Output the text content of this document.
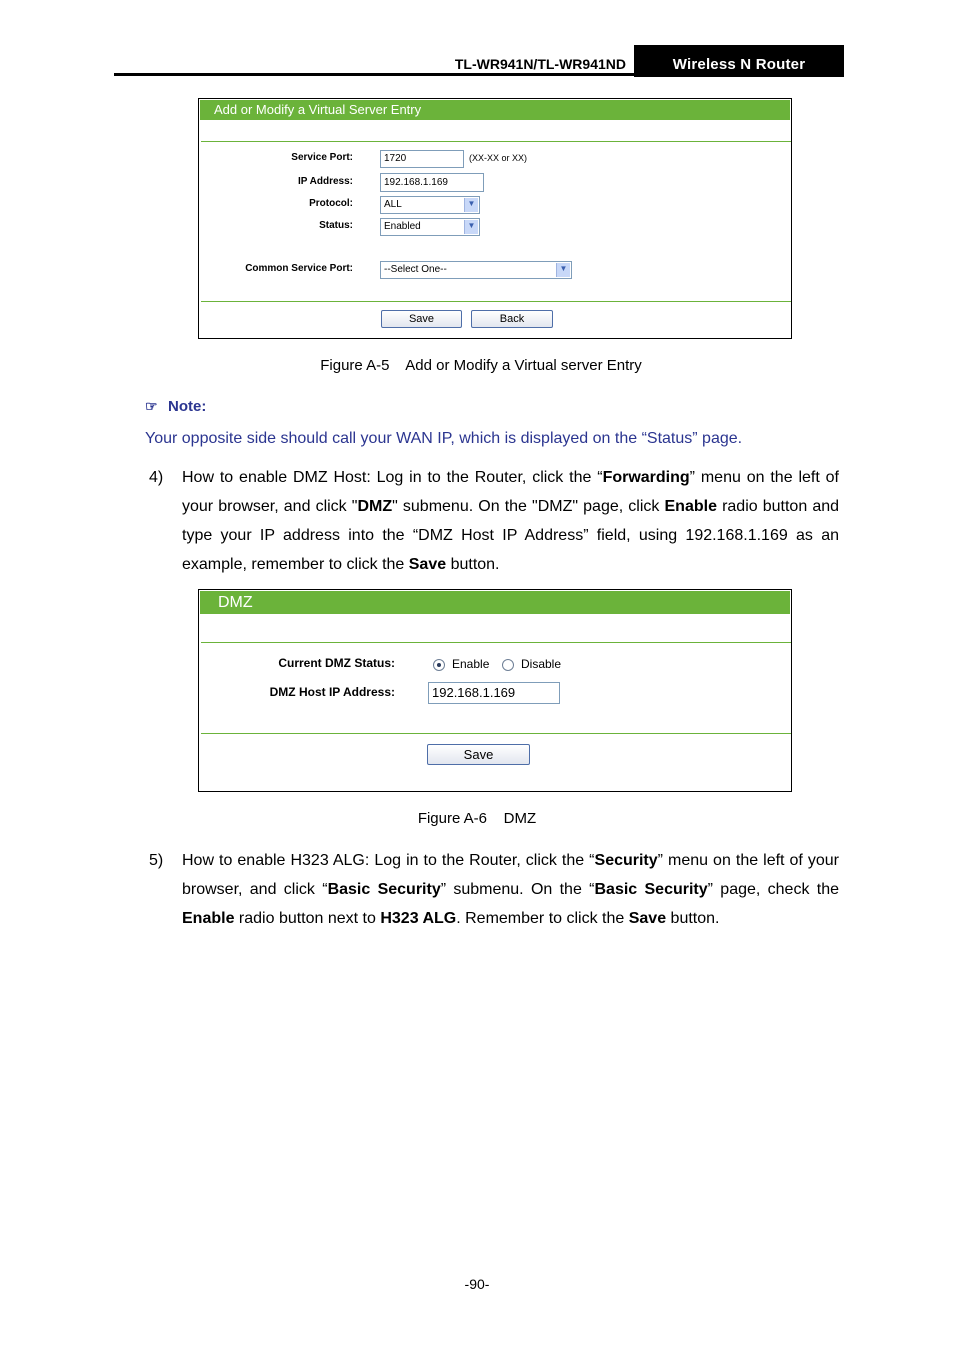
TL-WR941N/TL-WR941ND	Wireless N Router
Add or Modify a Virtual Server Entry
Service Port:	1720	(XX-XX or XX)
IP Address:	192.168.1.169
Protocol:	ALL	▼
Status:	Enabled	▼
Common Service Port:	--Select One--	▼
Save	Back
Figure A-5    Add or Modify a Virtual server Entry
☞ Note:
Your opposite side should call your WAN IP, which is displayed on the “Status” page.
4) How to enable DMZ Host: Log in to the Router, click the “Forwarding” menu on the left of your browser, and click "DMZ" submenu. On the "DMZ" page, click Enable radio button and type your IP address into the “DMZ Host IP Address” field, using 192.168.1.169 as an example, remember to click the Save button.
DMZ
Current DMZ Status:	Enable	Disable
DMZ Host IP Address:	192.168.1.169
Save
Figure A-6    DMZ
5) How to enable H323 ALG: Log in to the Router, click the “Security” menu on the left of your browser, and click “Basic Security” submenu. On the “Basic Security” page, check the Enable radio button next to H323 ALG. Remember to click the Save button.
-90-
